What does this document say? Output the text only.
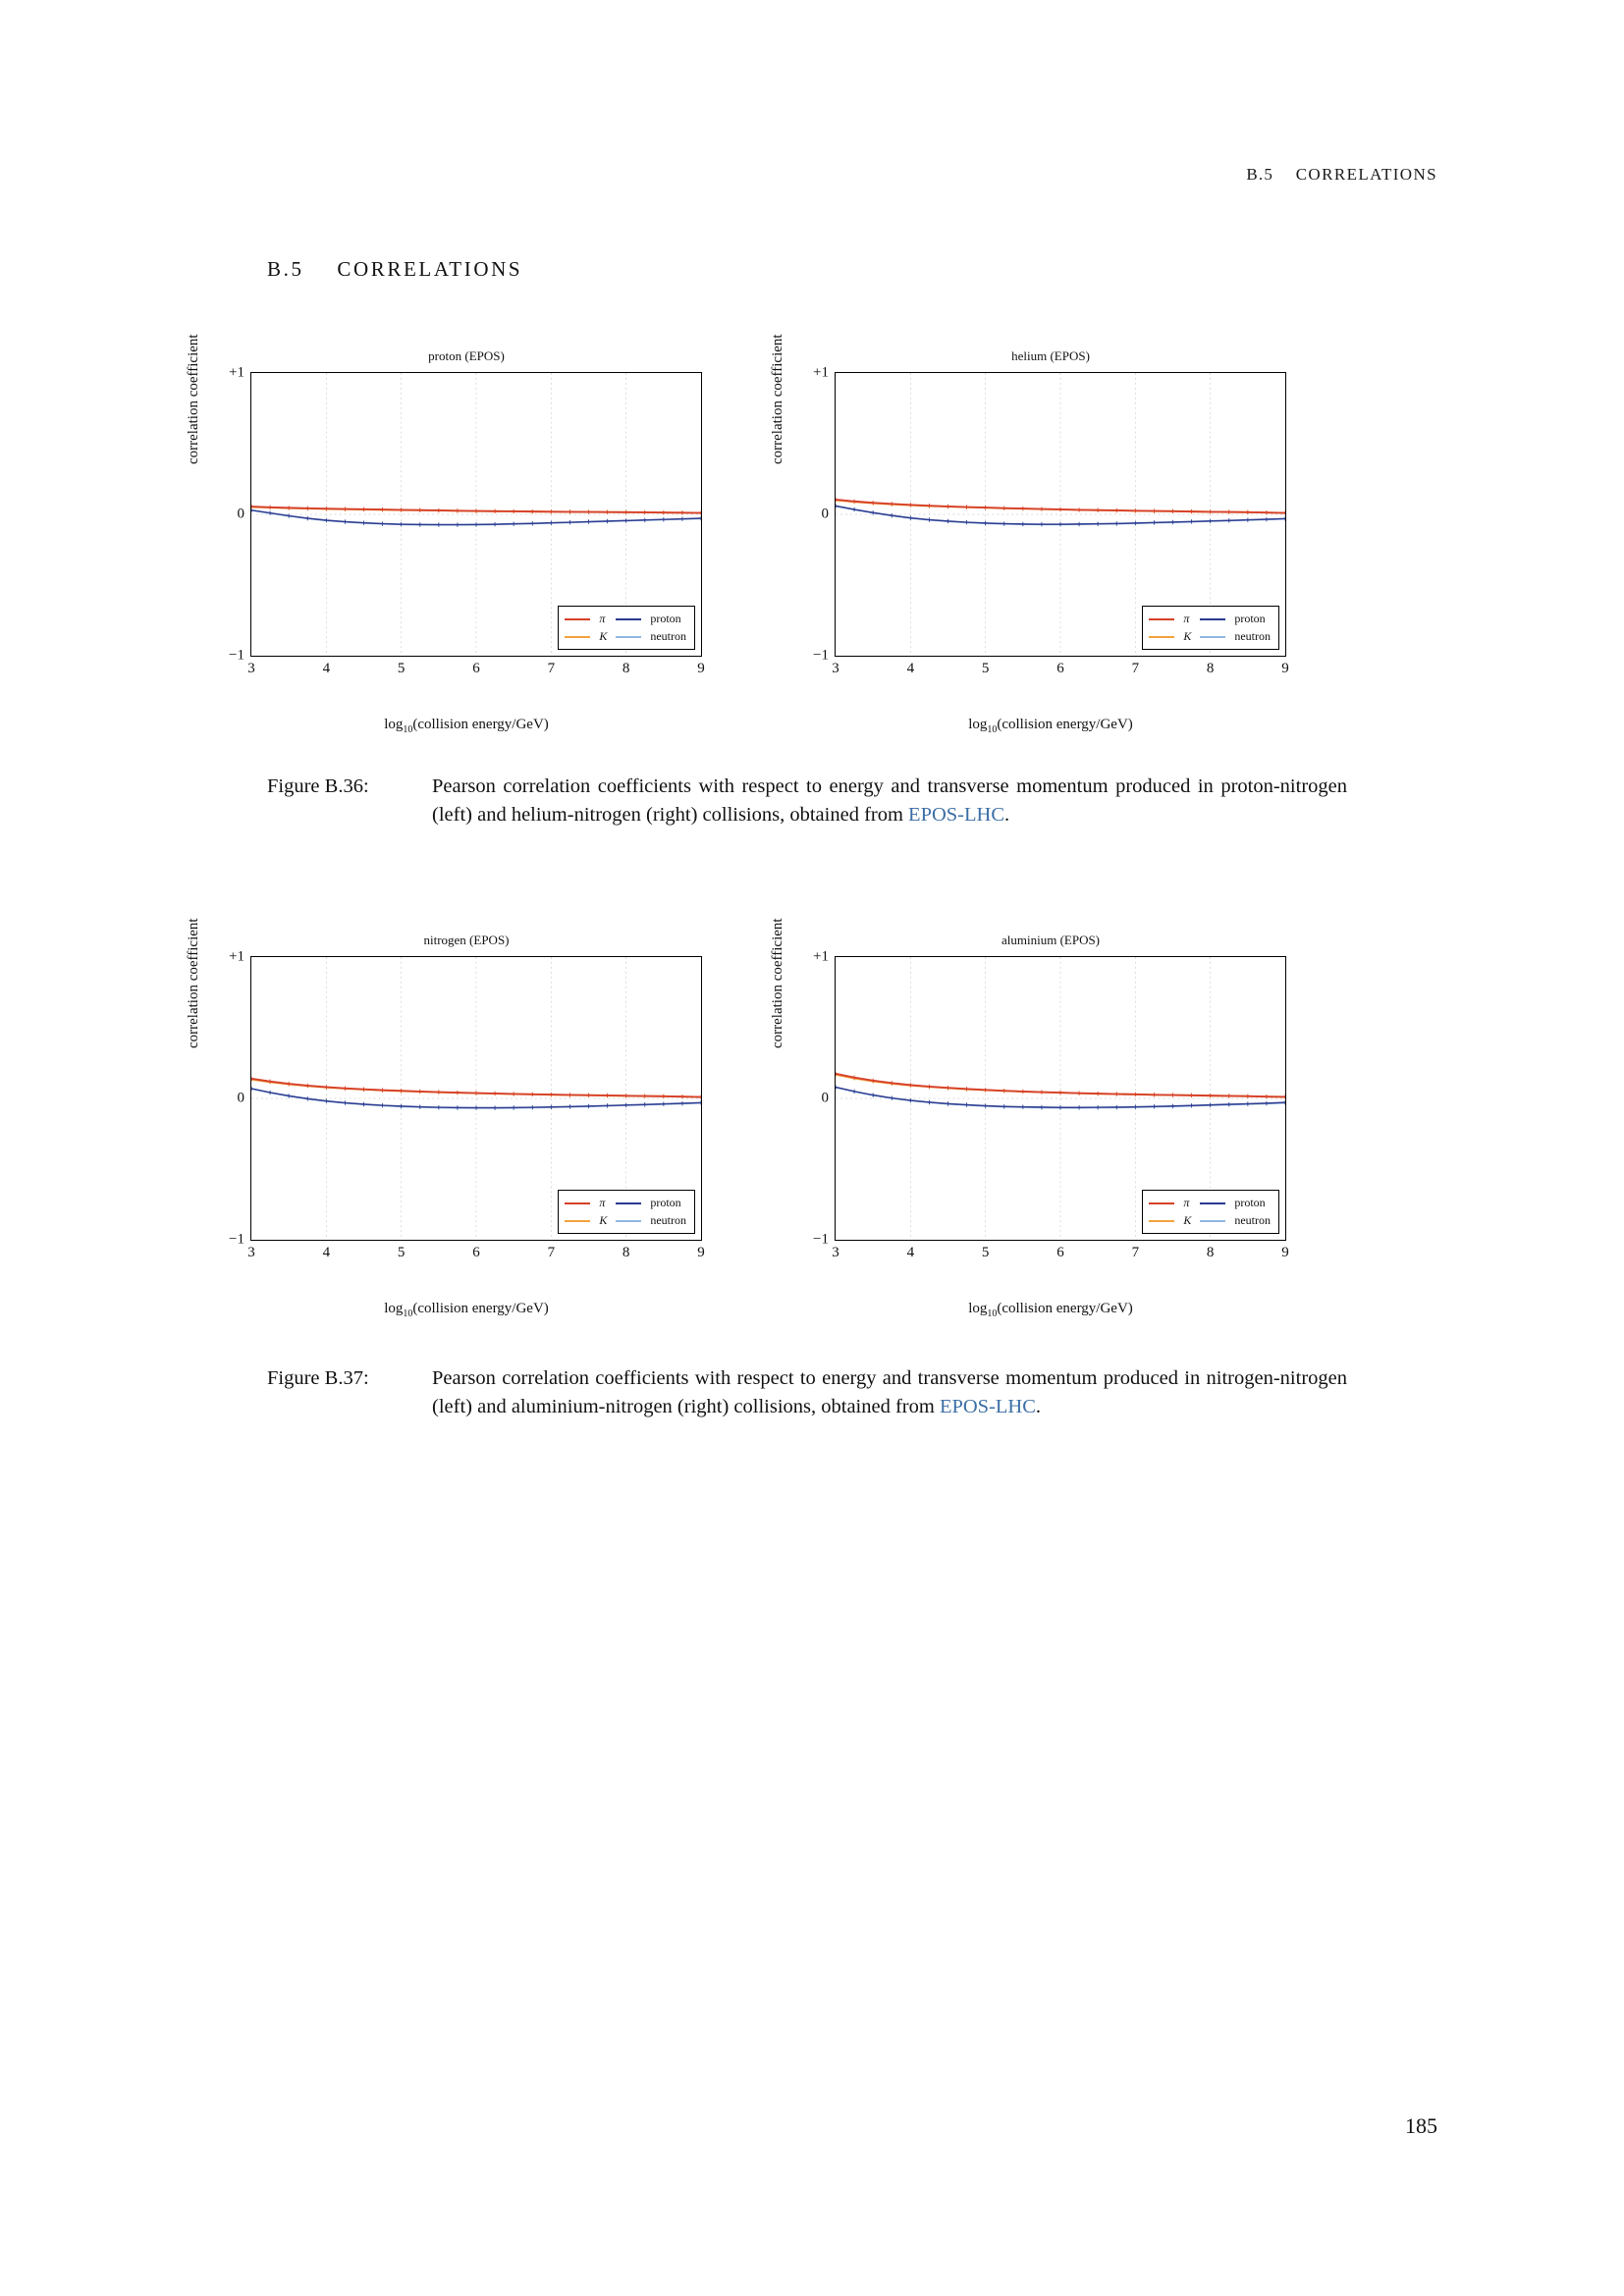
B.5 CORRELATIONS
B.5 CORRELATIONS
proton (EPOS)
correlation coefficient +1
0
−1
3	4	5	6	7	8	9
π	proton
K	neutron
$\log_{10}(collision$ energy/GeV)
helium (EPOS)
correlation coefficient +1
0
−1
3	4	5	6	7	8	9
π	proton
K	neutron
$\log_{10}(collision$ energy/GeV)
Figure B.36:	Pearson correlation coefficients with respect to energy and transverse momentum produced in proton-nitrogen (left) and helium-nitrogen (right) collisions, obtained from EPOS-LHC.
nitrogen (EPOS)
correlation coefficient +1
0
−1
3	4	5	6	7	8	9
π	proton
K	neutron
$\log_{10}(collision$ energy/GeV)
aluminium (EPOS)
correlation coefficient +1
0
−1
3	4	5	6	7	8	9
π	proton
K	neutron
$\log_{10}(collision$ energy/GeV)
Figure B.37:	Pearson correlation coefficients with respect to energy and transverse momentum produced in nitrogen-nitrogen (left) and aluminium-nitrogen (right) collisions, obtained from EPOS-LHC.
185
